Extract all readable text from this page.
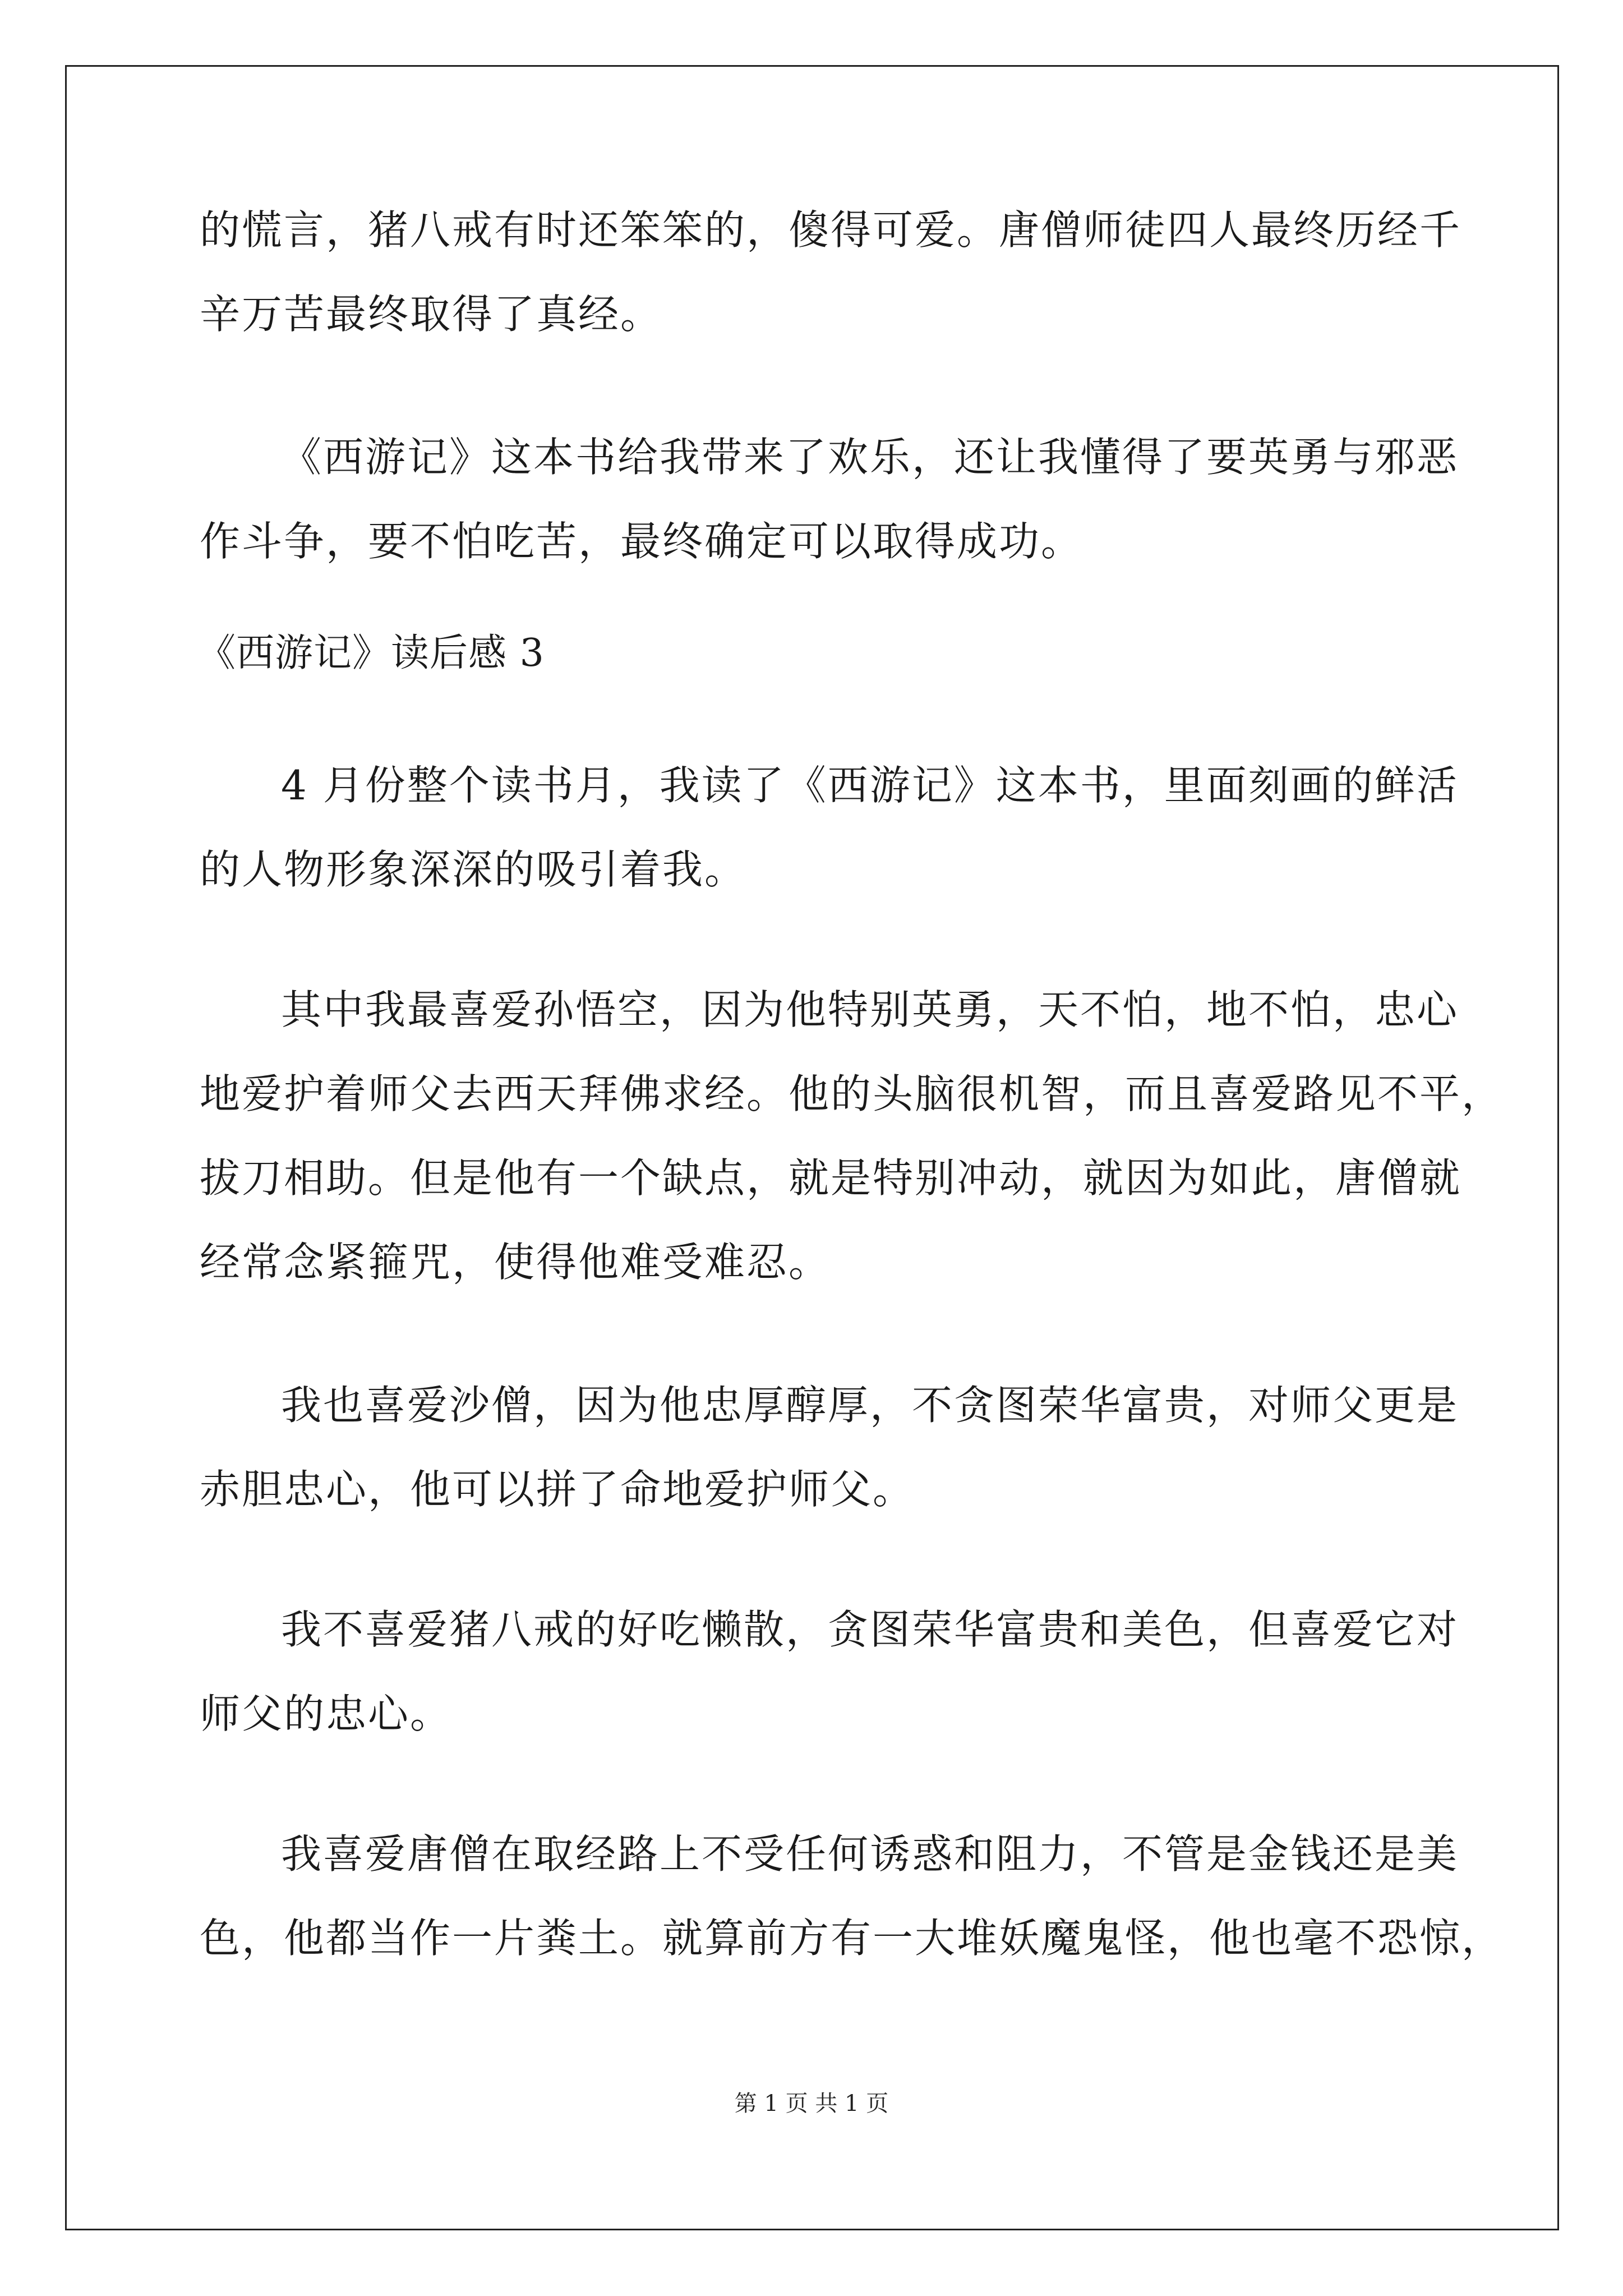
的慌言，猪八戒有时还笨笨的，傻得可爱。唐僧师徒四人最终历经千
辛万苦最终取得了真经。
《西游记》这本书给我带来了欢乐，还让我懂得了要英勇与邪恶
作斗争，要不怕吃苦，最终确定可以取得成功。
《西游记》读后感 3
4 月份整个读书月，我读了《西游记》这本书，里面刻画的鲜活
的人物形象深深的吸引着我。
其中我最喜爱孙悟空，因为他特别英勇，天不怕，地不怕，忠心
地爱护着师父去西天拜佛求经。他的头脑很机智，而且喜爱路见不平，
拔刀相助。但是他有一个缺点，就是特别冲动，就因为如此，唐僧就
经常念紧箍咒，使得他难受难忍。
我也喜爱沙僧，因为他忠厚醇厚，不贪图荣华富贵，对师父更是
赤胆忠心，他可以拼了命地爱护师父。
我不喜爱猪八戒的好吃懒散，贪图荣华富贵和美色，但喜爱它对
师父的忠心。
我喜爱唐僧在取经路上不受任何诱惑和阻力，不管是金钱还是美
色，他都当作一片粪土。就算前方有一大堆妖魔鬼怪，他也毫不恐惊，
第 1 页 共 1 页
